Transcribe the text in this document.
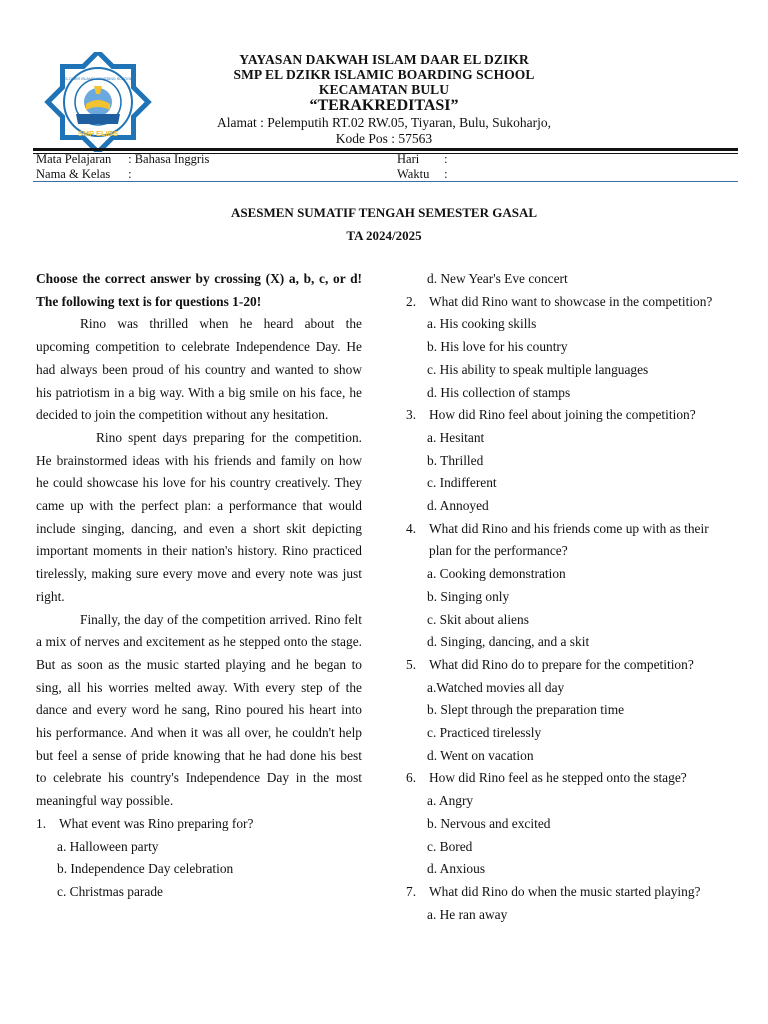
SMP ELIBS
EL DZIKR ISLAMIC BOARDING SCHOOL
YAYASAN DAKWAH ISLAM DAAR EL DZIKR
SMP EL DZIKR ISLAMIC BOARDING SCHOOL
KECAMATAN BULU
“TERAKREDITASI”
Alamat : Pelemputih RT.02 RW.05, Tiyaran, Bulu, Sukoharjo,
Kode Pos : 57563
Mata Pelajaran : Bahasa Inggris
Nama & Kelas :
Hari :
Waktu :
ASESMEN SUMATIF TENGAH SEMESTER GASAL
TA 2024/2025
Choose the correct answer by crossing (X) a, b, c, or d! The following text is for questions 1-20!
Rino was thrilled when he heard about the upcoming competition to celebrate Independence Day. He had always been proud of his country and wanted to show his patriotism in a big way. With a big smile on his face, he decided to join the competition without any hesitation.
Rino spent days preparing for the competition. He brainstormed ideas with his friends and family on how he could showcase his love for his country creatively. They came up with the perfect plan: a performance that would include singing, dancing, and even a short skit depicting important moments in their nation's history. Rino practiced tirelessly, making sure every move and every note was just right.
Finally, the day of the competition arrived. Rino felt a mix of nerves and excitement as he stepped onto the stage. But as soon as the music started playing and he began to sing, all his worries melted away. With every step of the dance and every word he sang, Rino poured his heart into his performance. And when it was all over, he couldn't help but feel a sense of pride knowing that he had done his best to celebrate his country's Independence Day in the most meaningful way possible.
1. What event was Rino preparing for?
a. Halloween party
b. Independence Day celebration
c. Christmas parade
d. New Year's Eve concert
2. What did Rino want to showcase in the competition?
a. His cooking skills
b. His love for his country
c. His ability to speak multiple languages
d. His collection of stamps
3. How did Rino feel about joining the competition?
a. Hesitant
b. Thrilled
c. Indifferent
d. Annoyed
4. What did Rino and his friends come up with as their plan for the performance?
a. Cooking demonstration
b. Singing only
c. Skit about aliens
d. Singing, dancing, and a skit
5. What did Rino do to prepare for the competition?
a.Watched movies all day
b. Slept through the preparation time
c. Practiced tirelessly
d. Went on vacation
6. How did Rino feel as he stepped onto the stage?
a. Angry
b. Nervous and excited
c. Bored
d. Anxious
7. What did Rino do when the music started playing?
a. He ran away
